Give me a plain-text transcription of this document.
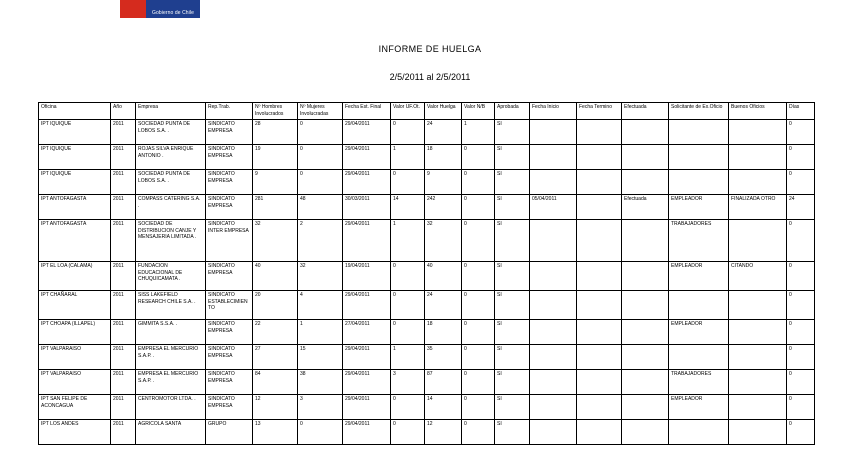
Gobierno de Chile
INFORME DE HUELGA
2/5/2011 al 2/5/2011
Oficina	Año	Empresa	Rep.Trab.	Nº Hombres Involucrados	Nº Mujeres Involucradas	Fecha Est. Final	Valor UF.Ot.	Valor Huelga	Valor N/B	Aprobada	Fecha Inicio	Fecha Termino	Efectuada	Solicitante de Ex.Oficio	Buenos Oficios	Días
IPT IQUIQUE	2011	SOCIEDAD PUNTA DE LOBOS S.A. .	SINDICATO EMPRESA	28	0	29/04/2011	0	24	1	SI						0
IPT IQUIQUE	2011	ROJAS SILVA ENRIQUE ANTONIO .	SINDICATO EMPRESA	19	0	29/04/2011	1	18	0	SI						0
IPT IQUIQUE	2011	SOCIEDAD PUNTA DE LOBOS S.A. .	SINDICATO EMPRESA	9	0	29/04/2011	0	9	0	SI						0
IPT ANTOFAGASTA	2011	COMPASS CATERING S.A. .	SINDICATO EMPRESA	281	48	30/03/2011	14	242	0	SI	05/04/2011		Efectuada	EMPLEADOR	FINALIZADA OTRO	24
IPT ANTOFAGASTA	2011	SOCIEDAD DE DISTRIBUCION CANJE Y MENSAJERIA LIMITADA .	SINDICATO INTER EMPRESA	32	2	29/04/2011	1	32	0	SI				TRABAJADORES		0
IPT EL LOA (CALAMA)	2011	FUNDACION EDUCACIONAL DE CHUQUICAMATA .	SINDICATO EMPRESA	40	32	19/04/2011	0	40	0	SI				EMPLEADOR	CITANDO	0
IPT CHAÑARAL	2011	SISS LAKEFIELD RESEARCH CHILE S.A. .	SINDICATO ESTABLECIMIENTO	20	4	29/04/2011	0	24	0	SI						0
IPT CHOAPA (ILLAPEL)	2011	GIMMITA S.S.A. .	SINDICATO EMPRESA	22	1	27/04/2011	0	18	0	SI				EMPLEADOR		0
IPT VALPARAISO	2011	EMPRESA EL MERCURIO S.A.P. .	SINDICATO EMPRESA	27	15	29/04/2011	1	35	0	SI						0
IPT VALPARAISO	2011	EMPRESA EL MERCURIO S.A.P. .	SINDICATO EMPRESA	84	38	29/04/2011	3	87	0	SI				TRABAJADORES		0
IPT SAN FELIPE DE ACONCAGUA	2011	CENTROMOTOR LTDA. .	SINDICATO EMPRESA	12	3	29/04/2011	0	14	0	SI				EMPLEADOR		0
IPT LOS ANDES	2011	AGRICOLA SANTA	GRUPO	13	0	29/04/2011	0	12	0	SI						0
